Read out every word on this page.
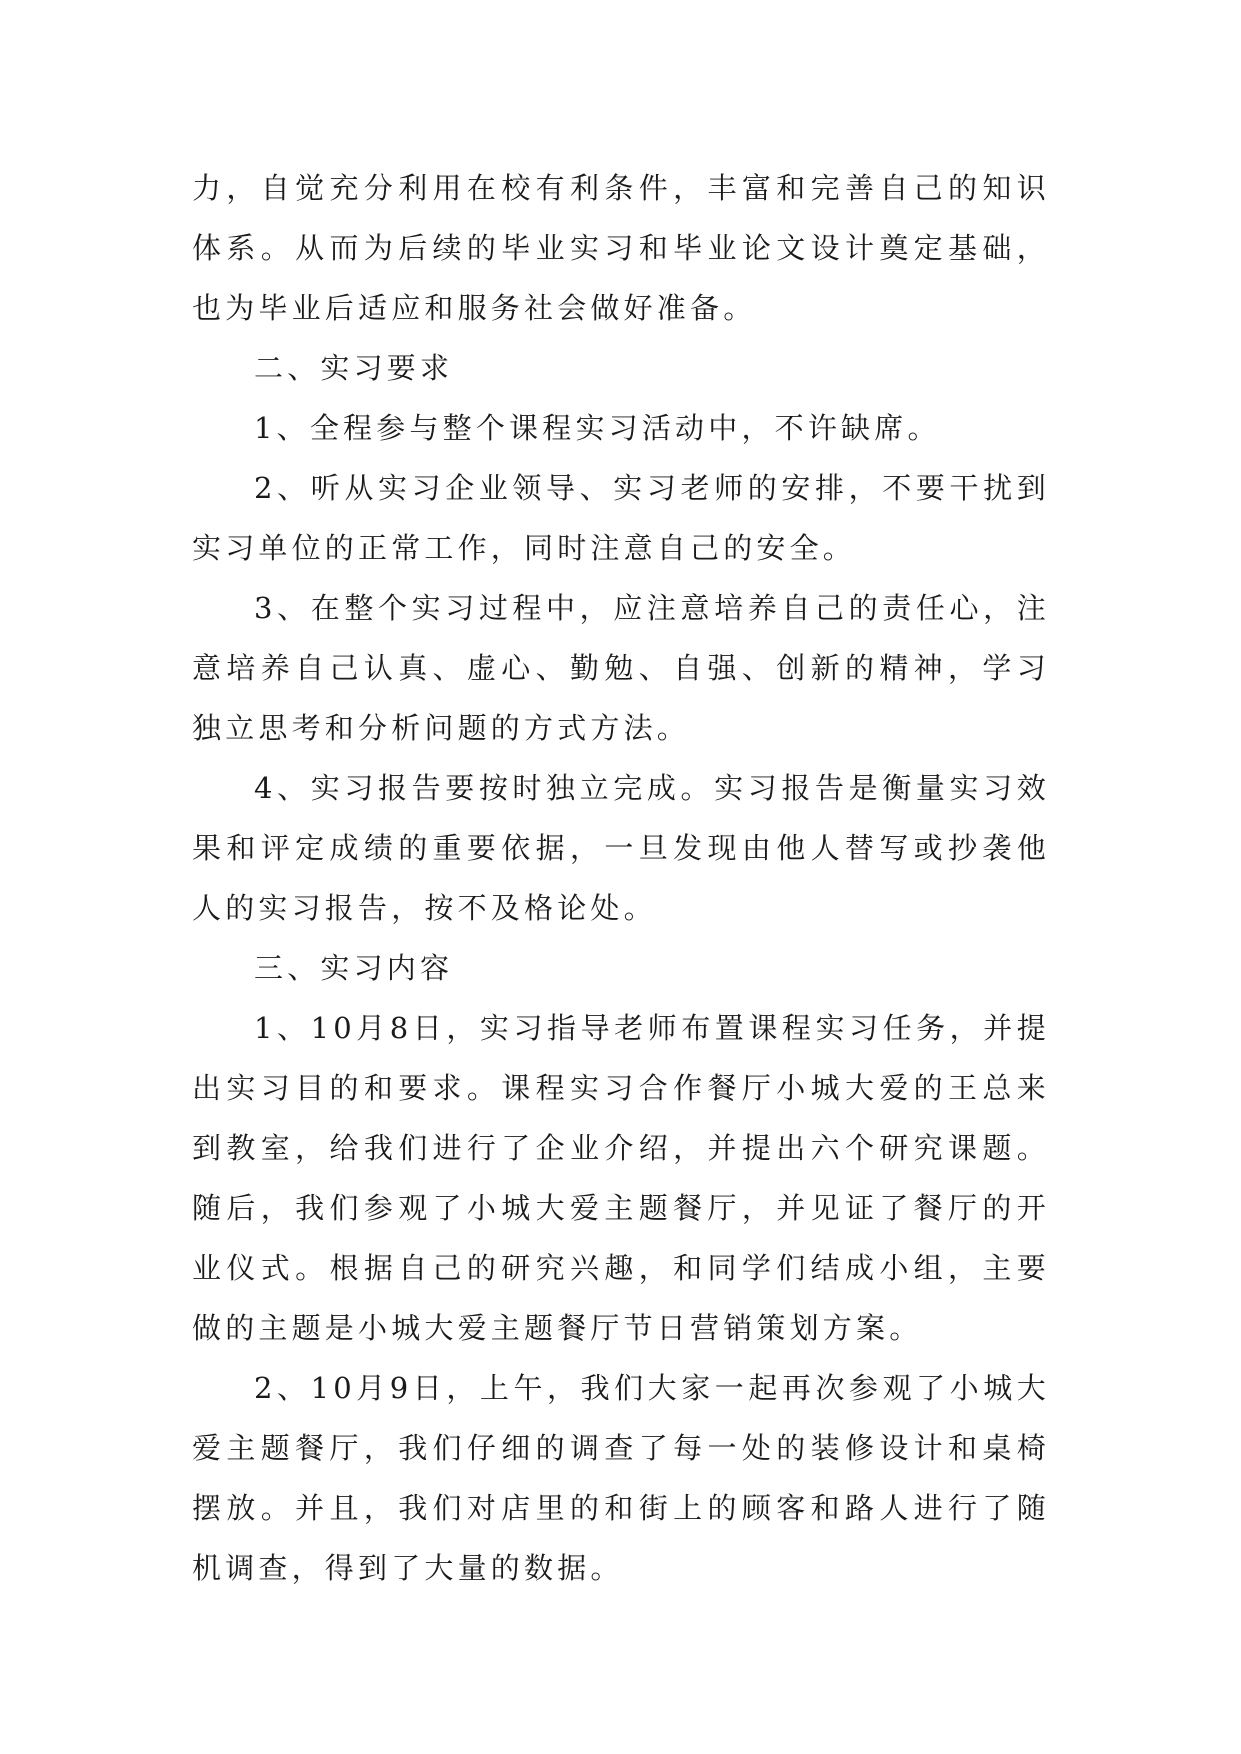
力，自觉充分利用在校有利条件，丰富和完善自己的知识体系。从而为后续的毕业实习和毕业论文设计奠定基础，也为毕业后适应和服务社会做好准备。

二、实习要求

1、全程参与整个课程实习活动中，不许缺席。

2、听从实习企业领导、实习老师的安排，不要干扰到实习单位的正常工作，同时注意自己的安全。

3、在整个实习过程中，应注意培养自己的责任心，注意培养自己认真、虚心、勤勉、自强、创新的精神，学习独立思考和分析问题的方式方法。

4、实习报告要按时独立完成。实习报告是衡量实习效果和评定成绩的重要依据，一旦发现由他人替写或抄袭他人的实习报告，按不及格论处。

三、实习内容

1、10月8日，实习指导老师布置课程实习任务，并提出实习目的和要求。课程实习合作餐厅小城大爱的王总来到教室，给我们进行了企业介绍，并提出六个研究课题。随后，我们参观了小城大爱主题餐厅，并见证了餐厅的开业仪式。根据自己的研究兴趣，和同学们结成小组，主要做的主题是小城大爱主题餐厅节日营销策划方案。

2、10月9日，上午，我们大家一起再次参观了小城大爱主题餐厅，我们仔细的调查了每一处的装修设计和桌椅摆放。并且，我们对店里的和街上的顾客和路人进行了随机调查，得到了大量的数据。
